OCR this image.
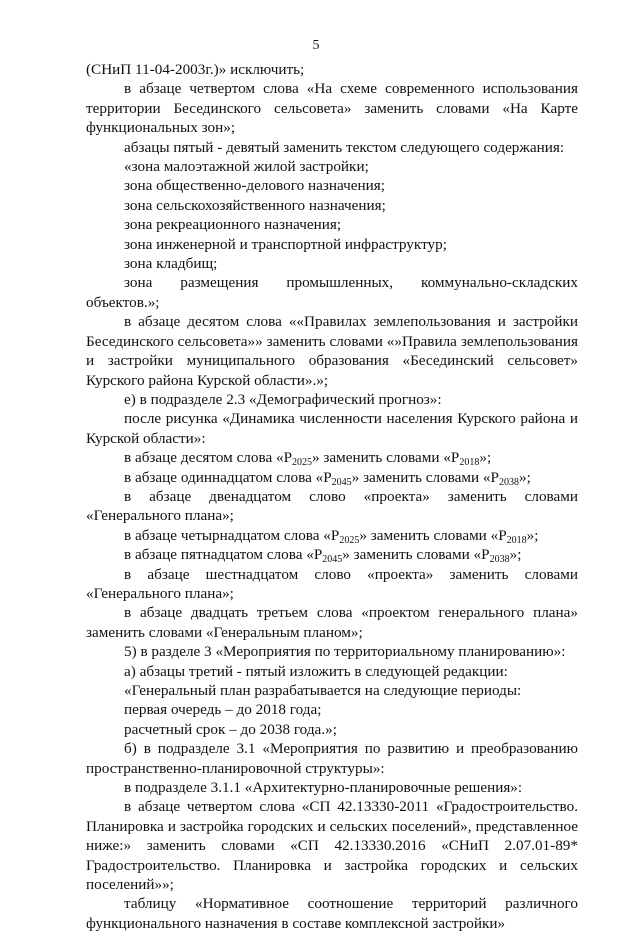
5

(СНиП 11-04-2003г.)» исключить;

в абзаце четвертом слова «На схеме современного использования территории Бесединского сельсовета» заменить словами «На Карте функциональных зон»;

абзацы пятый - девятый заменить текстом следующего содержания:

«зона малоэтажной жилой застройки;

зона общественно-делового назначения;

зона сельскохозяйственного назначения;

зона рекреационного назначения;

зона инженерной и транспортной инфраструктур;

зона кладбищ;

зона размещения промышленных, коммунально-складских объектов.»;

в абзаце десятом слова ««Правилах землепользования и застройки Бесединского сельсовета»» заменить словами «»Правила землепользования и застройки муниципального образования «Бесединский сельсовет» Курского района Курской области».»;

е) в подразделе 2.3 «Демографический прогноз»:

после рисунка «Динамика численности населения Курского района и Курской области»:

в абзаце десятом слова «$P_{2025}$» заменить словами «$P_{2018}$»;

в абзаце одиннадцатом слова «$P_{2045}$» заменить словами «$P_{2038}$»;

в абзаце двенадцатом слово «проекта» заменить словами «Генерального плана»;

в абзаце четырнадцатом слова «$P_{2025}$» заменить словами «$P_{2018}$»;

в абзаце пятнадцатом слова «$P_{2045}$» заменить словами «$P_{2038}$»;

в абзаце шестнадцатом слово «проекта» заменить словами «Генерального плана»;

в абзаце двадцать третьем слова «проектом генерального плана» заменить словами «Генеральным планом»;

5) в разделе 3 «Мероприятия по территориальному планированию»:

а) абзацы третий - пятый изложить в следующей редакции:

«Генеральный план разрабатывается на следующие периоды:

первая очередь – до 2018 года;

расчетный срок – до 2038 года.»;

б) в подразделе 3.1 «Мероприятия по развитию и преобразованию пространственно-планировочной структуры»:

в подразделе 3.1.1 «Архитектурно-планировочные решения»:

в абзаце четвертом слова «СП 42.13330-2011 «Градостроительство. Планировка и застройка городских и сельских поселений», представленное ниже:» заменить словами «СП 42.13330.2016 «СНиП 2.07.01-89* Градостроительство. Планировка и застройка городских и сельских поселений»»;

таблицу «Нормативное соотношение территорий различного функционального назначения в составе комплексной застройки»
